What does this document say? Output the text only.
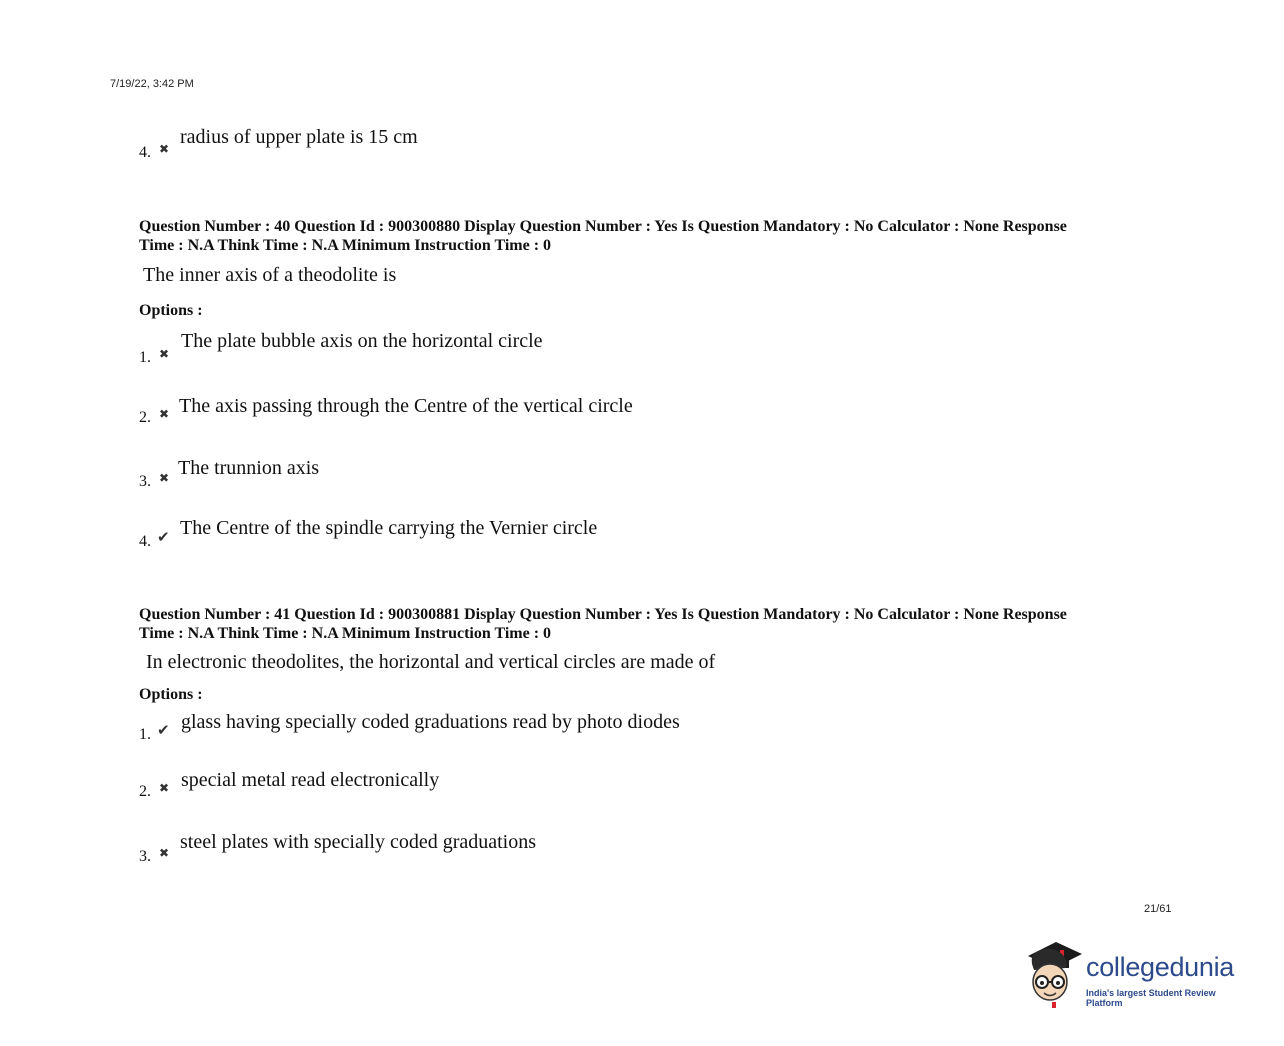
7/19/22, 3:42 PM
4. ✖
radius of upper plate is 15 cm
Question Number : 40 Question Id : 900300880 Display Question Number : Yes Is Question Mandatory : No Calculator : None Response
Time : N.A Think Time : N.A Minimum Instruction Time : 0
The inner axis of a theodolite is
Options :
1. ✖
The plate bubble axis on the horizontal circle
2. ✖ The axis passing through the Centre of the vertical circle
3. ✖ The trunnion axis
4. ✔ The Centre of the spindle carrying the Vernier circle
Question Number : 41 Question Id : 900300881 Display Question Number : Yes Is Question Mandatory : No Calculator : None Response
Time : N.A Think Time : N.A Minimum Instruction Time : 0
In electronic theodolites, the horizontal and vertical circles are made of
Options :
1. ✔ glass having specially coded graduations read by photo diodes
2. ✖ special metal read electronically
3. ✖ steel plates with specially coded graduations
21/61
collegedunia
India's largest Student Review Platform
